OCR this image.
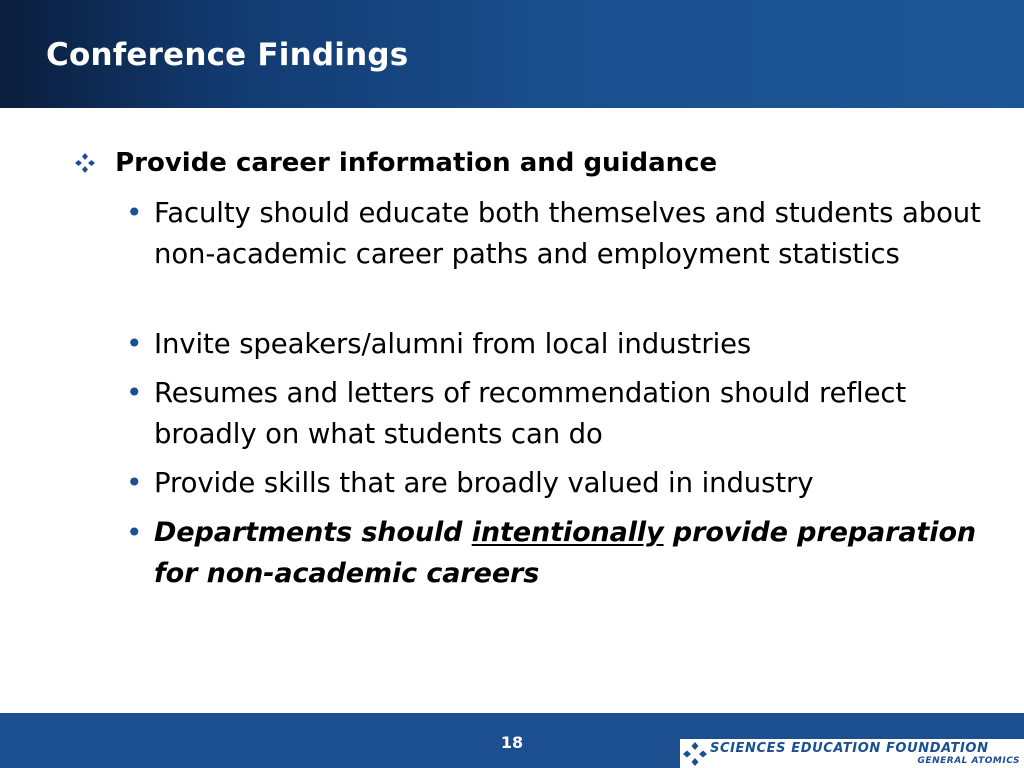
Conference Findings
Provide career information and guidance
• Faculty should educate both themselves and students about non-academic career paths and employment statistics
• Invite speakers/alumni from local industries
• Resumes and letters of recommendation should reflect broadly on what students can do
• Provide skills that are broadly valued in industry
• Departments should intentionally provide preparation for non-academic careers
18	SCIENCES EDUCATION FOUNDATION
GENERAL ATOMICS
